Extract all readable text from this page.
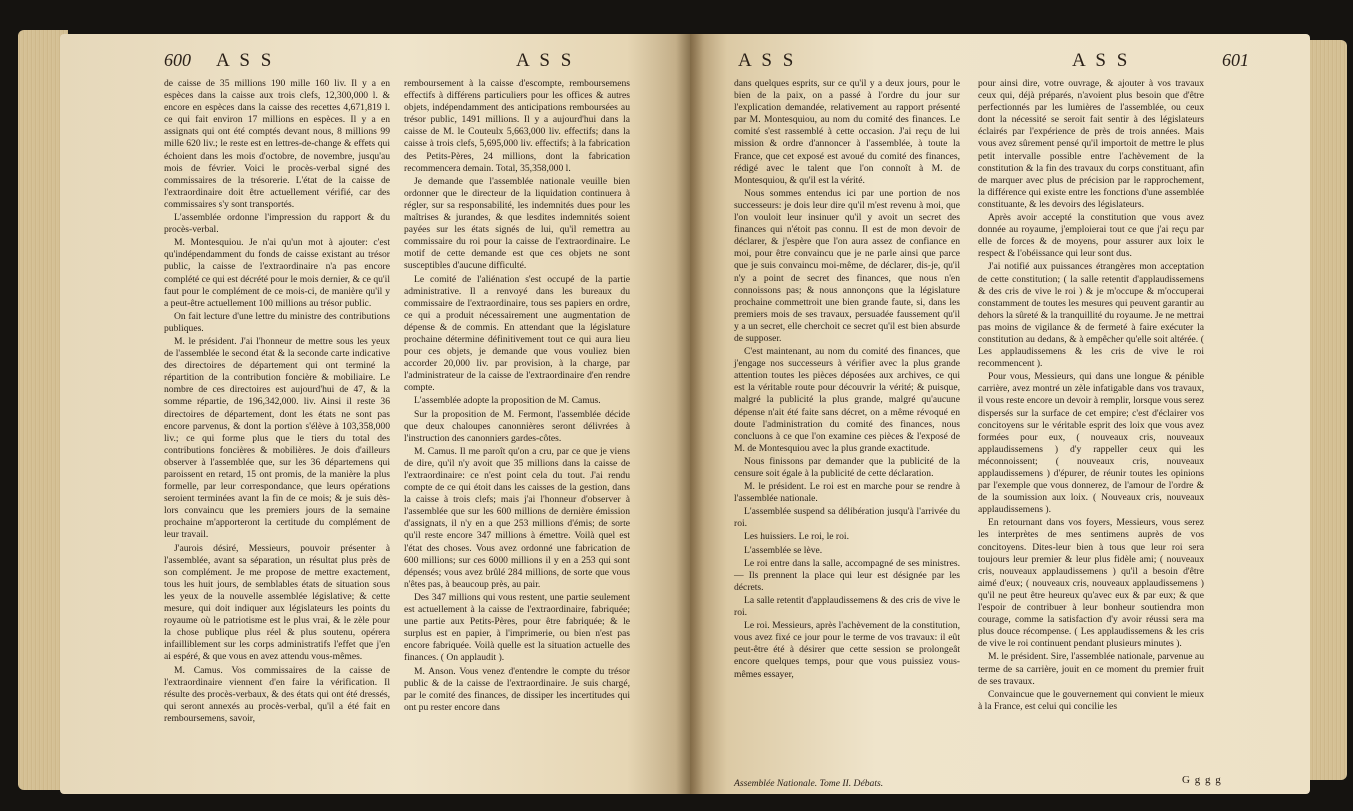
600 A S S	A S S

de caisse de 35 millions 190 mille 160 liv. Il y a en espèces dans la caisse aux trois clefs, 12,300,000 l. & encore en espèces dans la caisse des recettes 4,671,819 l. ce qui fait environ 17 millions en espèces. Il y a en assignats qui ont été comptés devant nous, 8 millions 99 mille 620 liv.; le reste est en lettres-de-change & effets qui échoient dans les mois d'octobre, de novembre, jusqu'au mois de février. Voici le procès-verbal signé des commissaires de la trésorerie. L'état de la caisse de l'extraordinaire doit être actuellement vérifié, car des commissaires s'y sont transportés.

L'assemblée ordonne l'impression du rapport & du procès-verbal.

M. Montesquiou. Je n'ai qu'un mot à ajouter: c'est qu'indépendamment du fonds de caisse existant au trésor public, la caisse de l'extraordinaire n'a pas encore complété ce qui est décrété pour le mois dernier, & ce qu'il faut pour le complément de ce mois-ci, de manière qu'il y a peut-être actuellement 100 millions au trésor public.

On fait lecture d'une lettre du ministre des contributions publiques.

M. le président. J'ai l'honneur de mettre sous les yeux de l'assemblée le second état & la seconde carte indicative des directoires de département qui ont terminé la répartition de la contribution foncière & mobiliaire. Le nombre de ces directoires est aujourd'hui de 47, & la somme répartie, de 196,342,000. liv. Ainsi il reste 36 directoires de département, dont les états ne sont pas encore parvenus, & dont la portion s'élève à 103,358,000 liv.; ce qui forme plus que le tiers du total des contributions foncières & mobilières. Je dois d'ailleurs observer à l'assemblée que, sur les 36 départemens qui paroissent en retard, 15 ont promis, de la manière la plus formelle, par leur correspondance, que leurs opérations seroient terminées avant la fin de ce mois; & je suis dès-lors convaincu que les premiers jours de la semaine prochaine m'apporteront la certitude du complément de leur travail.

J'aurois désiré, Messieurs, pouvoir présenter à l'assemblée, avant sa séparation, un résultat plus près de son complément. Je me propose de mettre exactement, tous les huit jours, de semblables états de situation sous les yeux de la nouvelle assemblée législative; & cette mesure, qui doit indiquer aux législateurs les points du royaume où le patriotisme est le plus vrai, & le zèle pour la chose publique plus réel & plus soutenu, opérera infailliblement sur les corps administratifs l'effet que j'en ai espéré, & que vous en avez attendu vous-mêmes.

M. Camus. Vos commissaires de la caisse de l'extraordinaire viennent d'en faire la vérification. Il résulte des procès-verbaux, & des états qui ont été dressés, qui seront annexés au procès-verbal, qu'il a été fait en remboursemens, savoir,

remboursement à la caisse d'escompte, remboursemens effectifs à différens particuliers pour les offices & autres objets, indépendamment des anticipations remboursées au trésor public, 1491 millions. Il y a aujourd'hui dans la caisse de M. le Couteulx 5,663,000 liv. effectifs; dans la caisse à trois clefs, 5,695,000 liv. effectifs; à la fabrication des Petits-Pères, 24 millions, dont la fabrication recommencera demain. Total, 35,358,000 l.

Je demande que l'assemblée nationale veuille bien ordonner que le directeur de la liquidation continuera à régler, sur sa responsabilité, les indemnités dues pour les maîtrises & jurandes, & que lesdites indemnités soient payées sur les états signés de lui, qu'il remettra au commissaire du roi pour la caisse de l'extraordinaire. Le motif de cette demande est que ces objets ne sont susceptibles d'aucune difficulté.

Le comité de l'aliénation s'est occupé de la partie administrative. Il a renvoyé dans les bureaux du commissaire de l'extraordinaire, tous ses papiers en ordre, ce qui a produit nécessairement une augmentation de dépense & de commis. En attendant que la législature prochaine détermine définitivement tout ce qui aura lieu pour ces objets, je demande que vous vouliez bien accorder 20,000 liv. par provision, à la charge, par l'administrateur de la caisse de l'extraordinaire d'en rendre compte.

L'assemblée adopte la proposition de M. Camus.

Sur la proposition de M. Fermont, l'assemblée décide que deux chaloupes canonnières seront délivrées à l'instruction des canonniers gardes-côtes.

M. Camus. Il me paroît qu'on a cru, par ce que je viens de dire, qu'il n'y avoit que 35 millions dans la caisse de l'extraordinaire: ce n'est point cela du tout. J'ai rendu compte de ce qui étoit dans les caisses de la gestion, dans la caisse à trois clefs; mais j'ai l'honneur d'observer à l'assemblée que sur les 600 millions de dernière émission d'assignats, il n'y en a que 253 millions d'émis; de sorte qu'il reste encore 347 millions à émettre. Voilà quel est l'état des choses. Vous avez ordonné une fabrication de 600 millions; sur ces 6000 millions il y en a 253 qui sont dépensés; vous avez brûlé 284 millions, de sorte que vous n'êtes pas, à beaucoup près, au pair.

Des 347 millions qui vous restent, une partie seulement est actuellement à la caisse de l'extraordinaire, fabriquée; une partie aux Petits-Pères, pour être fabriquée; & le surplus est en papier, à l'imprimerie, ou bien n'est pas encore fabriquée. Voilà quelle est la situation actuelle des finances. ( On applaudit ).

M. Anson. Vous venez d'entendre le compte du trésor public & de la caisse de l'extraordinaire. Je suis chargé, par le comité des finances, de dissiper les incertitudes qui ont pu rester encore dans

A S S	A S S	601

dans quelques esprits, sur ce qu'il y a deux jours, pour le bien de la paix, on a passé à l'ordre du jour sur l'explication demandée, relativement au rapport présenté par M. Montesquiou, au nom du comité des finances. Le comité s'est rassemblé à cette occasion. J'ai reçu de lui mission & ordre d'annoncer à l'assemblée, à toute la France, que cet exposé est avoué du comité des finances, rédigé avec le talent que l'on connoît à M. de Montesquiou, & qu'il est la vérité.

Nous sommes entendus ici par une portion de nos successeurs: je dois leur dire qu'il m'est revenu à moi, que l'on vouloit leur insinuer qu'il y avoit un secret des finances qui n'étoit pas connu. Il est de mon devoir de déclarer, & j'espère que l'on aura assez de confiance en moi, pour être convaincu que je ne parle ainsi que parce que je suis convaincu moi-même, de déclarer, dis-je, qu'il n'y a point de secret des finances, que nous n'en connoissons pas; & nous annonçons que la législature prochaine commettroit une bien grande faute, si, dans les premiers mois de ses travaux, persuadée faussement qu'il y a un secret, elle cherchoit ce secret qu'il est bien absurde de supposer.

C'est maintenant, au nom du comité des finances, que j'engage nos successeurs à vérifier avec la plus grande attention toutes les pièces déposées aux archives, ce qui est la véritable route pour découvrir la vérité; & puisque, malgré la publicité la plus grande, malgré qu'aucune dépense n'ait été faite sans décret, on a même révoqué en doute l'administration du comité des finances, nous concluons à ce que l'on examine ces pièces & l'exposé de M. de Montesquiou avec la plus grande exactitude.

Nous finissons par demander que la publicité de la censure soit égale à la publicité de cette déclaration.

M. le président. Le roi est en marche pour se rendre à l'assemblée nationale.

L'assemblée suspend sa délibération jusqu'à l'arrivée du roi.

Les huissiers. Le roi, le roi.

L'assemblée se lève.

Le roi entre dans la salle, accompagné de ses ministres. — Ils prennent la place qui leur est désignée par les décrets.

La salle retentit d'applaudissemens & des cris de vive le roi.

Le roi. Messieurs, après l'achèvement de la constitution, vous avez fixé ce jour pour le terme de vos travaux: il eût peut-être été à désirer que cette session se prolongeât encore quelques temps, pour que vous puissiez vous-mêmes essayer,

pour ainsi dire, votre ouvrage, & ajouter à vos travaux ceux qui, déjà préparés, n'avoient plus besoin que d'être perfectionnés par les lumières de l'assemblée, ou ceux dont la nécessité se seroit fait sentir à des législateurs éclairés par l'expérience de près de trois années. Mais vous avez sûrement pensé qu'il importoit de mettre le plus petit intervalle possible entre l'achèvement de la constitution & la fin des travaux du corps constituant, afin de marquer avec plus de précision par le rapprochement, la différence qui existe entre les fonctions d'une assemblée constituante, & les devoirs des législateurs.

Après avoir accepté la constitution que vous avez donnée au royaume, j'emploierai tout ce que j'ai reçu par elle de forces & de moyens, pour assurer aux loix le respect & l'obéissance qui leur sont dus.

J'ai notifié aux puissances étrangères mon acceptation de cette constitution; ( la salle retentit d'applaudissemens & des cris de vive le roi ) & je m'occupe & m'occuperai constamment de toutes les mesures qui peuvent garantir au dehors la sûreté & la tranquillité du royaume. Je ne mettrai pas moins de vigilance & de fermeté à faire exécuter la constitution au dedans, & à empêcher qu'elle soit altérée. ( Les applaudissemens & les cris de vive le roi recommencent ).

Pour vous, Messieurs, qui dans une longue & pénible carrière, avez montré un zèle infatigable dans vos travaux, il vous reste encore un devoir à remplir, lorsque vous serez dispersés sur la surface de cet empire; c'est d'éclairer vos concitoyens sur le véritable esprit des loix que vous avez formées pour eux, ( nouveaux cris, nouveaux applaudissemens ) d'y rappeller ceux qui les méconnoissent; ( nouveaux cris, nouveaux applaudissemens ) d'épurer, de réunir toutes les opinions par l'exemple que vous donnerez, de l'amour de l'ordre & de la soumission aux loix. ( Nouveaux cris, nouveaux applaudissemens ).

En retournant dans vos foyers, Messieurs, vous serez les interprètes de mes sentimens auprès de vos concitoyens. Dites-leur bien à tous que leur roi sera toujours leur premier & leur plus fidèle ami; ( nouveaux cris, nouveaux applaudissemens ) qu'il a besoin d'être aimé d'eux; ( nouveaux cris, nouveaux applaudissemens ) qu'il ne peut être heureux qu'avec eux & par eux; & que l'espoir de contribuer à leur bonheur soutiendra mon courage, comme la satisfaction d'y avoir réussi sera ma plus douce récompense. ( Les applaudissemens & les cris de vive le roi continuent pendant plusieurs minutes ).

M. le président. Sire, l'assemblée nationale, parvenue au terme de sa carrière, jouit en ce moment du premier fruit de ses travaux.

Convaincue que le gouvernement qui convient le mieux à la France, est celui qui concilie les

Assemblée Nationale. Tome II. Débats.	G g g g
